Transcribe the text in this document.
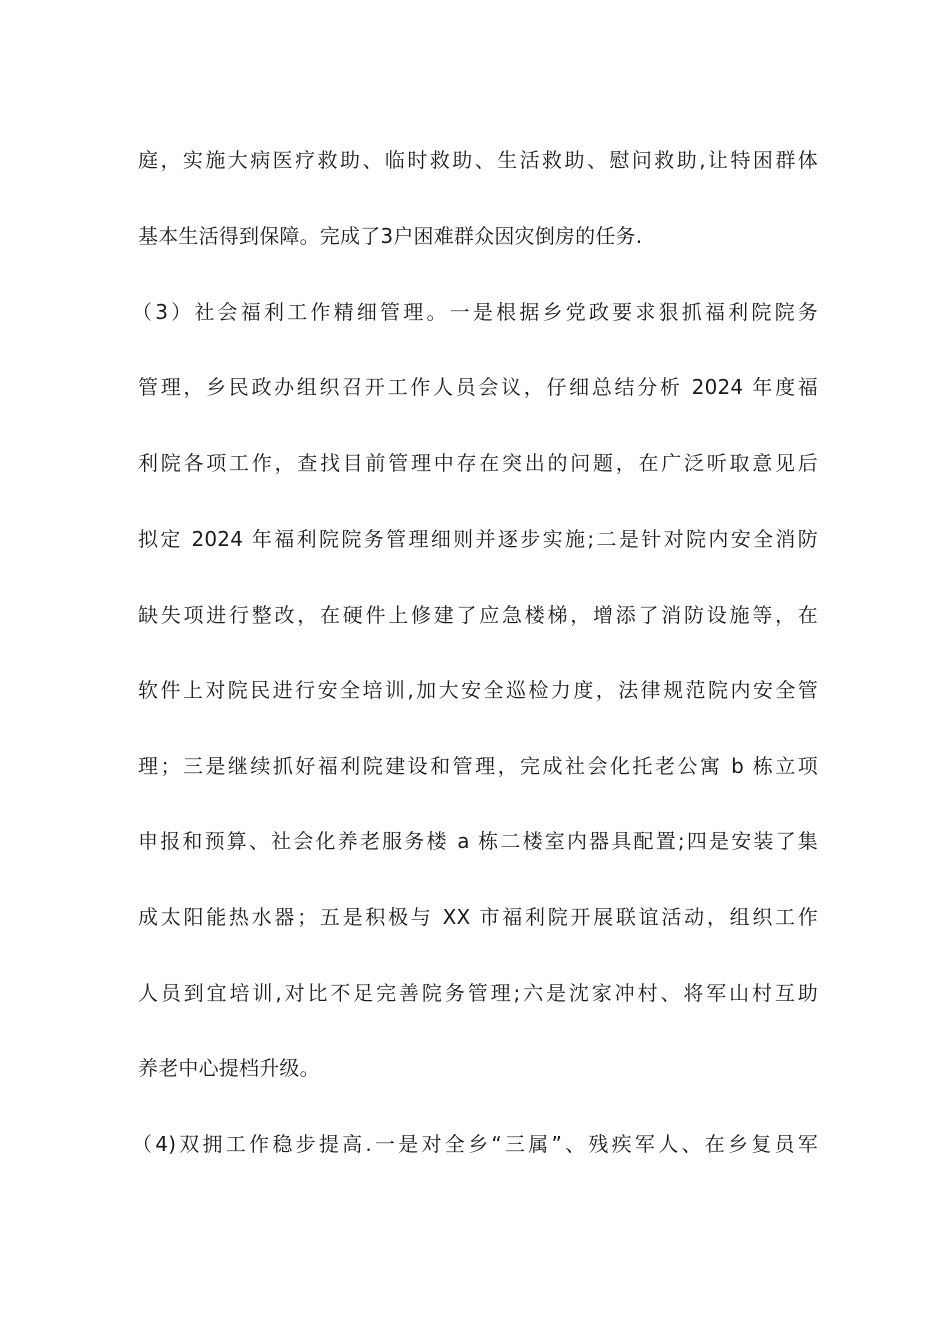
庭，实施大病医疗救助、临时救助、生活救助、慰问救助,让特困群体
基本生活得到保障。完成了3户困难群众因灾倒房的任务.
（3）社会福利工作精细管理。一是根据乡党政要求狠抓福利院院务
管理，乡民政办组织召开工作人员会议，仔细总结分析 2024 年度福
利院各项工作，查找目前管理中存在突出的问题，在广泛听取意见后
拟定 2024 年福利院院务管理细则并逐步实施;二是针对院内安全消防
缺失项进行整改，在硬件上修建了应急楼梯，增添了消防设施等，在
软件上对院民进行安全培训,加大安全巡检力度，法律规范院内安全管
理；三是继续抓好福利院建设和管理，完成社会化托老公寓 b 栋立项
申报和预算、社会化养老服务楼 a 栋二楼室内器具配置;四是安装了集
成太阳能热水器；五是积极与 XX 市福利院开展联谊活动，组织工作
人员到宜培训,对比不足完善院务管理;六是沈家冲村、将军山村互助
养老中心提档升级。
（4)双拥工作稳步提高.一是对全乡“三属”、残疾军人、在乡复员军
